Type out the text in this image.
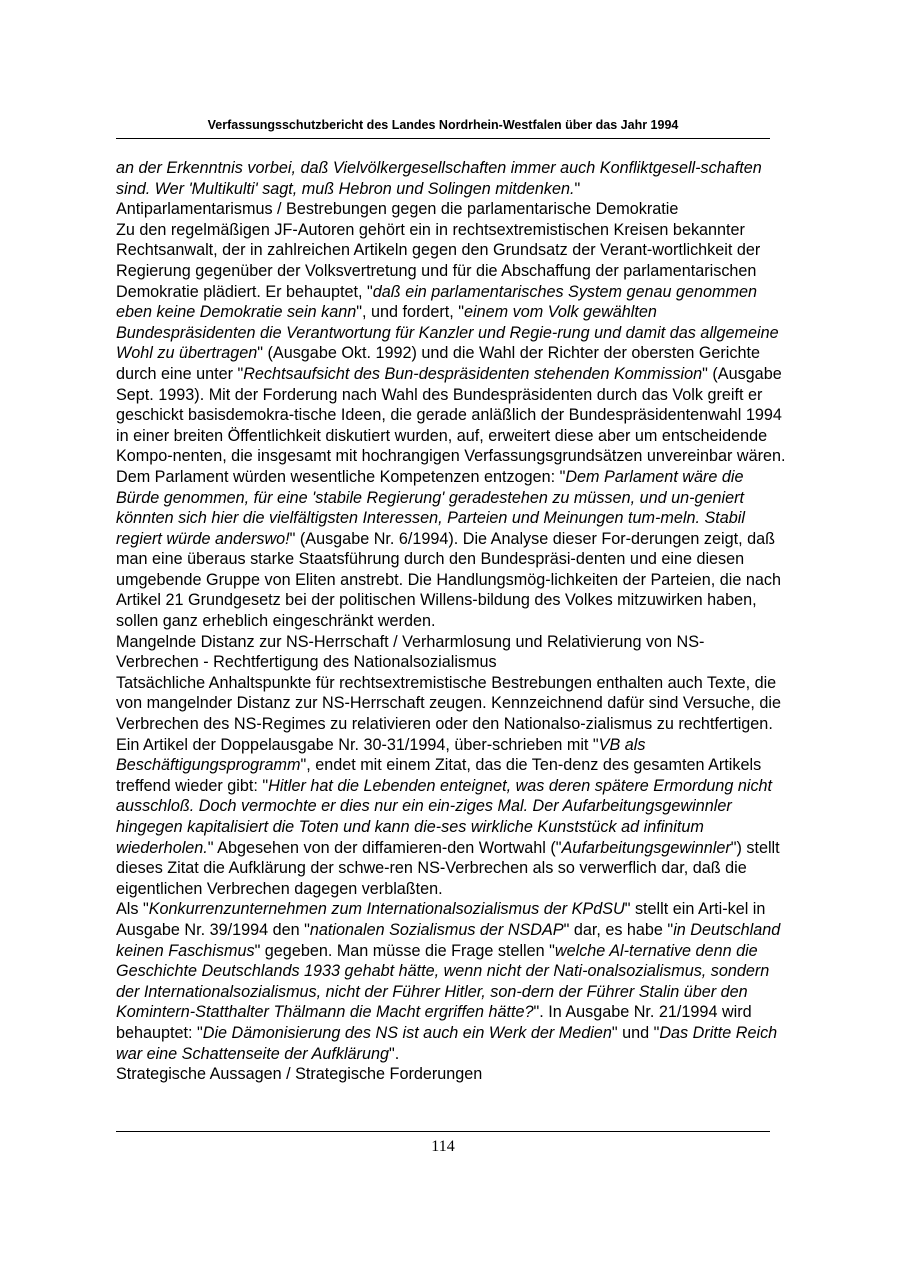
Verfassungsschutzbericht des Landes Nordrhein-Westfalen über das Jahr 1994

an der Erkenntnis vorbei, daß Vielvölkergesellschaften immer auch Konfliktgesell-schaften sind. Wer 'Multikulti' sagt, muß Hebron und Solingen mitdenken."

Antiparlamentarismus / Bestrebungen gegen die parlamentarische Demokratie

Zu den regelmäßigen JF-Autoren gehört ein in rechtsextremistischen Kreisen bekannter Rechtsanwalt, der in zahlreichen Artikeln gegen den Grundsatz der Verant-wortlichkeit der Regierung gegenüber der Volksvertretung und für die Abschaffung der parlamentarischen Demokratie plädiert. Er behauptet, "daß ein parlamentarisches System genau genommen eben keine Demokratie sein kann", und fordert, "einem vom Volk gewählten Bundespräsidenten die Verantwortung für Kanzler und Regie-rung und damit das allgemeine Wohl zu übertragen" (Ausgabe Okt. 1992) und die Wahl der Richter der obersten Gerichte durch eine unter "Rechtsaufsicht des Bun-despräsidenten stehenden Kommission" (Ausgabe Sept. 1993). Mit der Forderung nach Wahl des Bundespräsidenten durch das Volk greift er geschickt basisdemokra-tische Ideen, die gerade anläßlich der Bundespräsidentenwahl 1994 in einer breiten Öffentlichkeit diskutiert wurden, auf, erweitert diese aber um entscheidende Kompo-nenten, die insgesamt mit hochrangigen Verfassungsgrundsätzen unvereinbar wären. Dem Parlament würden wesentliche Kompetenzen entzogen: "Dem Parlament wäre die Bürde genommen, für eine 'stabile Regierung' geradestehen zu müssen, und un-geniert könnten sich hier die vielfältigsten Interessen, Parteien und Meinungen tum-meln. Stabil regiert würde anderswo!" (Ausgabe Nr. 6/1994). Die Analyse dieser For-derungen zeigt, daß man eine überaus starke Staatsführung durch den Bundespräsi-denten und eine diesen umgebende Gruppe von Eliten anstrebt. Die Handlungsmög-lichkeiten der Parteien, die nach Artikel 21 Grundgesetz bei der politischen Willens-bildung des Volkes mitzuwirken haben, sollen ganz erheblich eingeschränkt werden.

Mangelnde Distanz zur NS-Herrschaft / Verharmlosung und Relativierung von NS-Verbrechen - Rechtfertigung des Nationalsozialismus

Tatsächliche Anhaltspunkte für rechtsextremistische Bestrebungen enthalten auch Texte, die von mangelnder Distanz zur NS-Herrschaft zeugen. Kennzeichnend dafür sind Versuche, die Verbrechen des NS-Regimes zu relativieren oder den Nationalso-zialismus zu rechtfertigen. Ein Artikel der Doppelausgabe Nr. 30-31/1994, über-schrieben mit "VB als Beschäftigungsprogramm", endet mit einem Zitat, das die Ten-denz des gesamten Artikels treffend wieder gibt: "Hitler hat die Lebenden enteignet, was deren spätere Ermordung nicht ausschloß. Doch vermochte er dies nur ein ein-ziges Mal. Der Aufarbeitungsgewinnler hingegen kapitalisiert die Toten und kann die-ses wirkliche Kunststück ad infinitum wiederholen." Abgesehen von der diffamieren-den Wortwahl ("Aufarbeitungsgewinnler") stellt dieses Zitat die Aufklärung der schwe-ren NS-Verbrechen als so verwerflich dar, daß die eigentlichen Verbrechen dagegen verblaßten.

Als "Konkurrenzunternehmen zum Internationalsozialismus der KPdSU" stellt ein Arti-kel in Ausgabe Nr. 39/1994 den "nationalen Sozialismus der NSDAP" dar, es habe "in Deutschland keinen Faschismus" gegeben. Man müsse die Frage stellen "welche Al-ternative denn die Geschichte Deutschlands 1933 gehabt hätte, wenn nicht der Nati-onalsozialismus, sondern der Internationalsozialismus, nicht der Führer Hitler, son-dern der Führer Stalin über den Komintern-Statthalter Thälmann die Macht ergriffen hätte?". In Ausgabe Nr. 21/1994 wird behauptet: "Die Dämonisierung des NS ist auch ein Werk der Medien" und "Das Dritte Reich war eine Schattenseite der Aufklärung".

Strategische Aussagen / Strategische Forderungen

114
